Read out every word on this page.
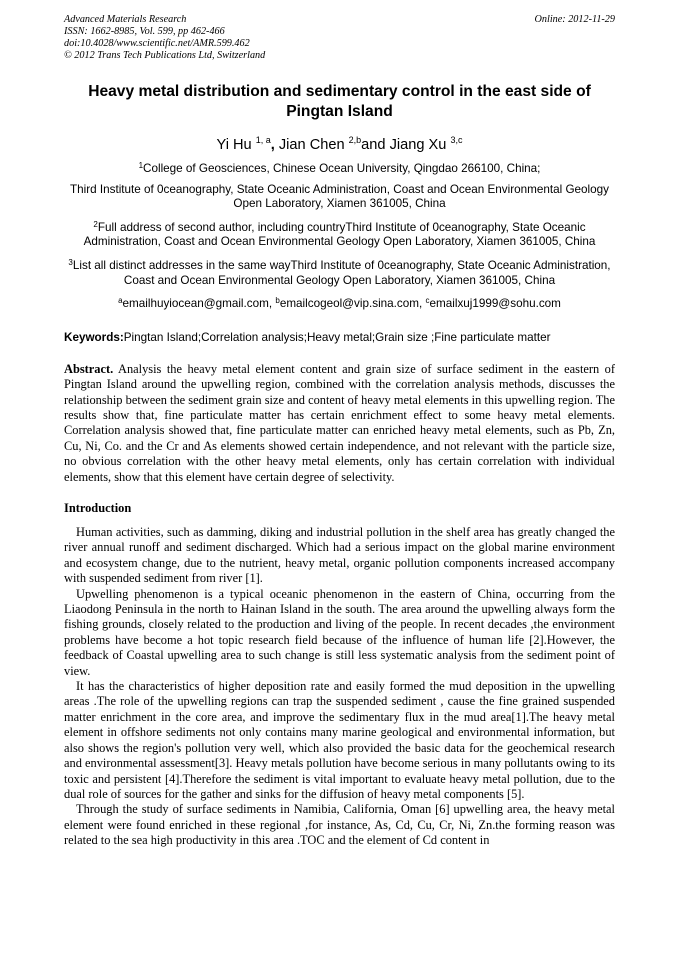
Advanced Materials Research
ISSN: 1662-8985, Vol. 599, pp 462-466
doi:10.4028/www.scientific.net/AMR.599.462
© 2012 Trans Tech Publications Ltd, Switzerland
Online: 2012-11-29
Heavy metal distribution and sedimentary control in the east side of Pingtan Island
Yi Hu $^{1, a}$, Jian Chen $^{2,b}$and Jiang Xu $^{3,c}$
$^1$College of Geosciences, Chinese Ocean University, Qingdao 266100, China;
Third Institute of 0ceanography, State Oceanic Administration, Coast and Ocean Environmental Geology Open Laboratory, Xiamen 361005, China
$^2$Full address of second author, including countryThird Institute of 0ceanography, State Oceanic Administration, Coast and Ocean Environmental Geology Open Laboratory, Xiamen 361005, China
$^3$List all distinct addresses in the same wayThird Institute of 0ceanography, State Oceanic Administration, Coast and Ocean Environmental Geology Open Laboratory, Xiamen 361005, China
$^a$emailhuyiocean@gmail.com, $^b$emailcogeol@vip.sina.com, $^c$emailxuj1999@sohu.com
Keywords:Pingtan Island;Correlation analysis;Heavy metal;Grain size ;Fine particulate matter
Abstract. Analysis the heavy metal element content and grain size of surface sediment in the eastern of Pingtan Island around the upwelling region, combined with the correlation analysis methods, discusses the relationship between the sediment grain size and content of heavy metal elements in this upwelling region. The results show that, fine particulate matter has certain enrichment effect to some heavy metal elements. Correlation analysis showed that, fine particulate matter can enriched heavy metal elements, such as Pb, Zn, Cu, Ni, Co. and the Cr and As elements showed certain independence, and not relevant with the particle size, no obvious correlation with the other heavy metal elements, only has certain correlation with individual elements, show that this element have certain degree of selectivity.
Introduction

Human activities, such as damming, diking and industrial pollution in the shelf area has greatly changed the river annual runoff and sediment discharged. Which had a serious impact on the global marine environment and ecosystem change, due to the nutrient, heavy metal, organic pollution components increased accompany with suspended sediment from river [1].

Upwelling phenomenon is a typical oceanic phenomenon in the eastern of China, occurring from the Liaodong Peninsula in the north to Hainan Island in the south. The area around the upwelling always form the fishing grounds, closely related to the production and living of the people. In recent decades ,the environment problems have become a hot topic research field because of the influence of human life [2].However, the feedback of Coastal upwelling area to such change is still less systematic analysis from the sediment point of view.

It has the characteristics of higher deposition rate and easily formed the mud deposition in the upwelling areas .The role of the upwelling regions can trap the suspended sediment , cause the fine grained suspended matter enrichment in the core area, and improve the sedimentary flux in the mud area[1].The heavy metal element in offshore sediments not only contains many marine geological and environmental information, but also shows the region's pollution very well, which also provided the basic data for the geochemical research and environmental assessment[3]. Heavy metals pollution have become serious in many pollutants owing to its toxic and persistent [4].Therefore the sediment is vital important to evaluate heavy metal pollution, due to the dual role of sources for the gather and sinks for the diffusion of heavy metal components [5].

Through the study of surface sediments in Namibia, California, Oman [6] upwelling area, the heavy metal element were found enriched in these regional ,for instance, As, Cd, Cu, Cr, Ni, Zn.the forming reason was related to the sea high productivity in this area .TOC and the element of Cd content in
